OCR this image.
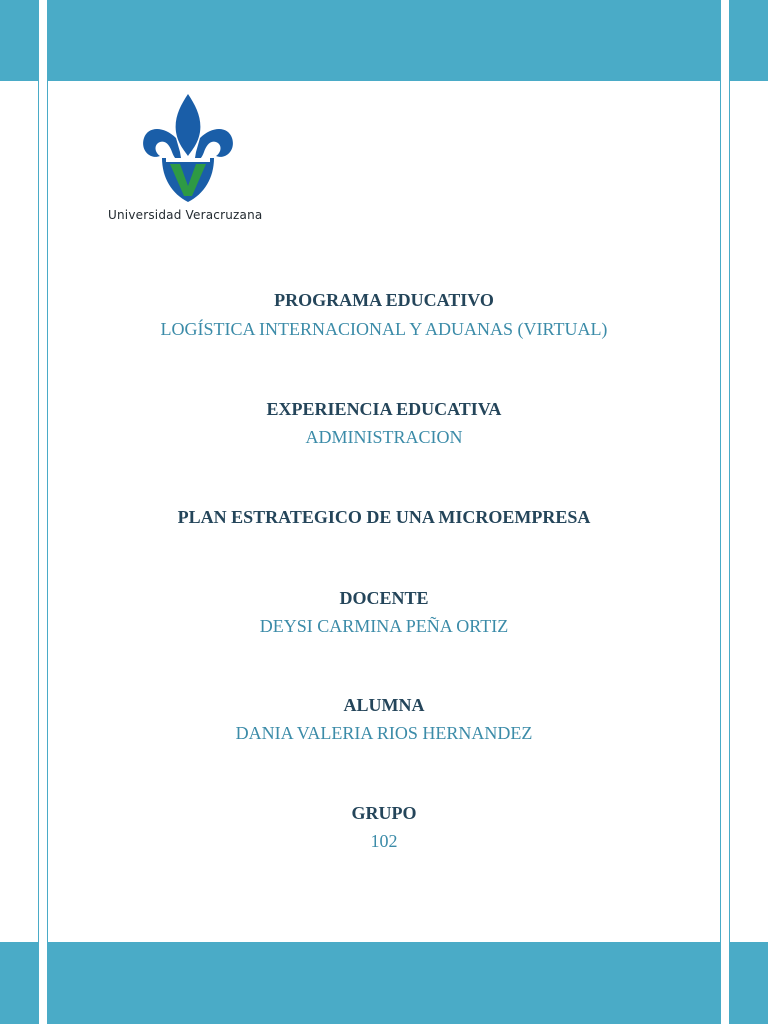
Universidad Veracruzana
PROGRAMA EDUCATIVO
LOGÍSTICA INTERNACIONAL Y ADUANAS (VIRTUAL)
EXPERIENCIA EDUCATIVA
ADMINISTRACION
PLAN ESTRATEGICO DE UNA MICROEMPRESA
DOCENTE
DEYSI CARMINA PEÑA ORTIZ
ALUMNA
DANIA VALERIA RIOS HERNANDEZ
GRUPO
102
